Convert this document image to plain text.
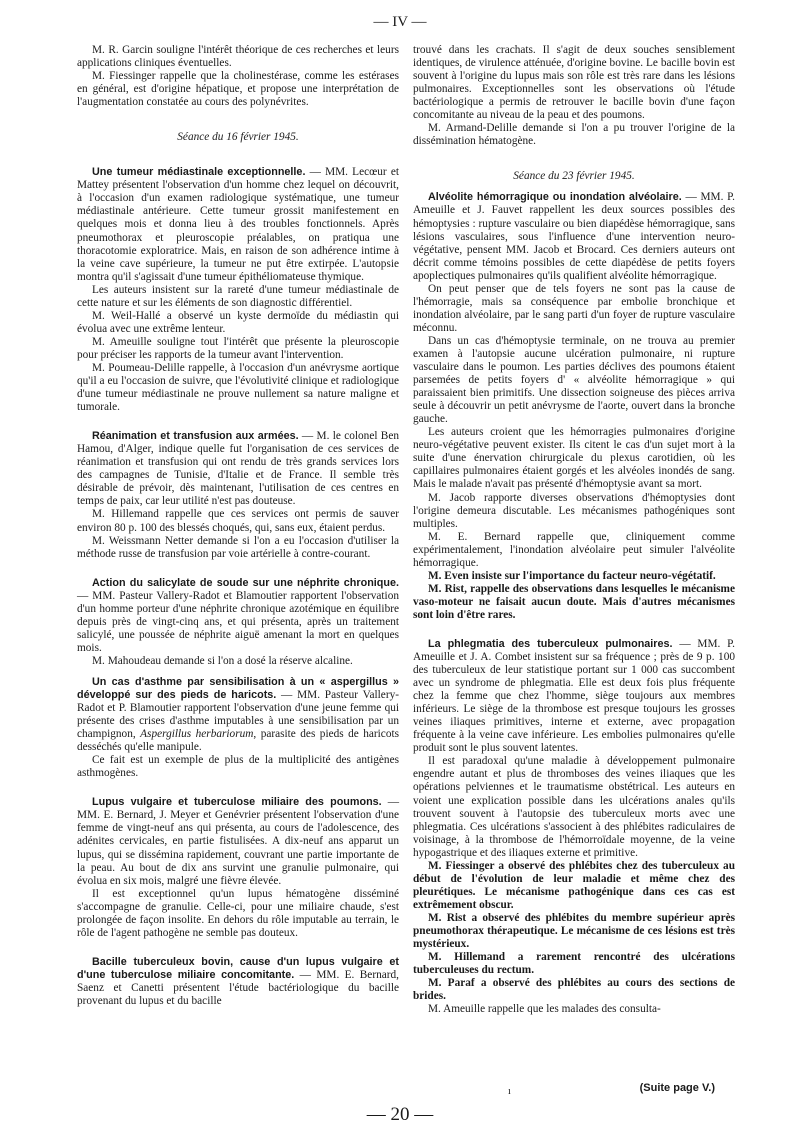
— IV —

M. R. Garcin souligne l'intérêt théorique de ces recherches et leurs applications cliniques éventuelles.

M. Fiessinger rappelle que la cholinestérase, comme les estérases en général, est d'origine hépatique, et propose une interprétation de l'augmentation constatée au cours des polynévrites.

Séance du 16 février 1945.

Une tumeur médiastinale exceptionnelle. — MM. Lecœur et Mattey présentent l'observation d'un homme chez lequel on découvrit, à l'occasion d'un examen radiologique systématique, une tumeur médiastinale antérieure. Cette tumeur grossit manifestement en quelques mois et donna lieu à des troubles fonctionnels. Après pneumothorax et pleuroscopie préalables, on pratiqua une thoracotomie exploratrice. Mais, en raison de son adhérence intime à la veine cave supérieure, la tumeur ne put être extirpée. L'autopsie montra qu'il s'agissait d'une tumeur épithéliomateuse thymique.

Les auteurs insistent sur la rareté d'une tumeur médiastinale de cette nature et sur les éléments de son diagnostic différentiel.

M. Weil-Hallé a observé un kyste dermoïde du médiastin qui évolua avec une extrême lenteur.

M. Ameuille souligne tout l'intérêt que présente la pleuroscopie pour préciser les rapports de la tumeur avant l'intervention.

M. Poumeau-Delille rappelle, à l'occasion d'un anévrysme aortique qu'il a eu l'occasion de suivre, que l'évolutivité clinique et radiologique d'une tumeur médiastinale ne prouve nullement sa nature maligne et tumorale.

Réanimation et transfusion aux armées. — M. le colonel Ben Hamou, d'Alger, indique quelle fut l'organisation de ces services de réanimation et transfusion qui ont rendu de très grands services lors des campagnes de Tunisie, d'Italie et de France. Il semble très désirable de prévoir, dès maintenant, l'utilisation de ces centres en temps de paix, car leur utilité n'est pas douteuse.

M. Hillemand rappelle que ces services ont permis de sauver environ 80 p. 100 des blessés choqués, qui, sans eux, étaient perdus.

M. Weissmann Netter demande si l'on a eu l'occasion d'utiliser la méthode russe de transfusion par voie artérielle à contre-courant.

Action du salicylate de soude sur une néphrite chronique. — MM. Pasteur Vallery-Radot et Blamoutier rapportent l'observation d'un homme porteur d'une néphrite chronique azotémique en équilibre depuis près de vingt-cinq ans, et qui présenta, après un traitement salicylé, une poussée de néphrite aiguë amenant la mort en quelques mois.

M. Mahoudeau demande si l'on a dosé la réserve alcaline.

Un cas d'asthme par sensibilisation à un « aspergillus » développé sur des pieds de haricots. — MM. Pasteur Vallery-Radot et P. Blamoutier rapportent l'observation d'une jeune femme qui présente des crises d'asthme imputables à une sensibilisation par un champignon, Aspergillus herbariorum, parasite des pieds de haricots desséchés qu'elle manipule.

Ce fait est un exemple de plus de la multiplicité des antigènes asthmogènes.

Lupus vulgaire et tuberculose miliaire des poumons. — MM. E. Bernard, J. Meyer et Genévrier présentent l'observation d'une femme de vingt-neuf ans qui présenta, au cours de l'adolescence, des adénites cervicales, en partie fistulisées. A dix-neuf ans apparut un lupus, qui se dissémina rapidement, couvrant une partie importante de la peau. Au bout de dix ans survint une granulie pulmonaire, qui évolua en six mois, malgré une fièvre élevée.

Il est exceptionnel qu'un lupus hématogène disséminé s'accompagne de granulie. Celle-ci, pour une miliaire chaude, s'est prolongée de façon insolite. En dehors du rôle imputable au terrain, le rôle de l'agent pathogène ne semble pas douteux.

Bacille tuberculeux bovin, cause d'un lupus vulgaire et d'une tuberculose miliaire concomitante. — MM. E. Bernard, Saenz et Canetti présentent l'étude bactériologique du bacille provenant du lupus et du bacille

trouvé dans les crachats. Il s'agit de deux souches sensiblement identiques, de virulence atténuée, d'origine bovine. Le bacille bovin est souvent à l'origine du lupus mais son rôle est très rare dans les lésions pulmonaires. Exceptionnelles sont les observations où l'étude bactériologique a permis de retrouver le bacille bovin d'une façon concomitante au niveau de la peau et des poumons.

M. Armand-Delille demande si l'on a pu trouver l'origine de la dissémination hématogène.

Séance du 23 février 1945.

Alvéolite hémorragique ou inondation alvéolaire. — MM. P. Ameuille et J. Fauvet rappellent les deux sources possibles des hémoptysies : rupture vasculaire ou bien diapédèse hémorragique, sans lésions vasculaires, sous l'influence d'une intervention neuro-végétative, pensent MM. Jacob et Brocard. Ces derniers auteurs ont décrit comme témoins possibles de cette diapédèse de petits foyers apoplectiques pulmonaires qu'ils qualifient alvéolite hémorragique.

On peut penser que de tels foyers ne sont pas la cause de l'hémorragie, mais sa conséquence par embolie bronchique et inondation alvéolaire, par le sang parti d'un foyer de rupture vasculaire méconnu.

Dans un cas d'hémoptysie terminale, on ne trouva au premier examen à l'autopsie aucune ulcération pulmonaire, ni rupture vasculaire dans le poumon. Les parties déclives des poumons étaient parsemées de petits foyers d' « alvéolite hémorragique » qui paraissaient bien primitifs. Une dissection soigneuse des pièces arriva seule à découvrir un petit anévrysme de l'aorte, ouvert dans la bronche gauche.

Les auteurs croient que les hémorragies pulmonaires d'origine neuro-végétative peuvent exister. Ils citent le cas d'un sujet mort à la suite d'une énervation chirurgicale du plexus carotidien, où les capillaires pulmonaires étaient gorgés et les alvéoles inondés de sang. Mais le malade n'avait pas présenté d'hémoptysie avant sa mort.

M. Jacob rapporte diverses observations d'hémoptysies dont l'origine demeura discutable. Les mécanismes pathogéniques sont multiples.

M. E. Bernard rappelle que, cliniquement comme expérimentalement, l'inondation alvéolaire peut simuler l'alvéolite hémorragique.

M. Even insiste sur l'importance du facteur neuro-végétatif.

M. Rist, rappelle des observations dans lesquelles le mécanisme vaso-moteur ne faisait aucun doute. Mais d'autres mécanismes sont loin d'être rares.

La phlegmatia des tuberculeux pulmonaires. — MM. P. Ameuille et J. A. Combet insistent sur sa fréquence ; près de 9 p. 100 des tuberculeux de leur statistique portant sur 1 000 cas succombent avec un syndrome de phlegmatia. Elle est deux fois plus fréquente chez la femme que chez l'homme, siège toujours aux membres inférieurs. Le siège de la thrombose est presque toujours les grosses veines iliaques primitives, interne et externe, avec propagation fréquente à la veine cave inférieure. Les embolies pulmonaires qu'elle produit sont le plus souvent latentes.

Il est paradoxal qu'une maladie à développement pulmonaire engendre autant et plus de thromboses des veines iliaques que les opérations pelviennes et le traumatisme obstétrical. Les auteurs en voient une explication possible dans les ulcérations anales qu'ils trouvent souvent à l'autopsie des tuberculeux morts avec une phlegmatia. Ces ulcérations s'associent à des phlébites radiculaires de voisinage, à la thrombose de l'hémorroïdale moyenne, de la veine hypogastrique et des iliaques externe et primitive.

M. Fiessinger a observé des phlébites chez des tuberculeux au début de l'évolution de leur maladie et même chez des pleurétiques. Le mécanisme pathogénique dans ces cas est extrêmement obscur.

M. Rist a observé des phlébites du membre supérieur après pneumothorax thérapeutique. Le mécanisme de ces lésions est très mystérieux.

M. Hillemand a rarement rencontré des ulcérations tuberculeuses du rectum.

M. Paraf a observé des phlébites au cours des sections de brides.

M. Ameuille rappelle que les malades des consulta-

ı	(Suite page V.)
— 20 —
